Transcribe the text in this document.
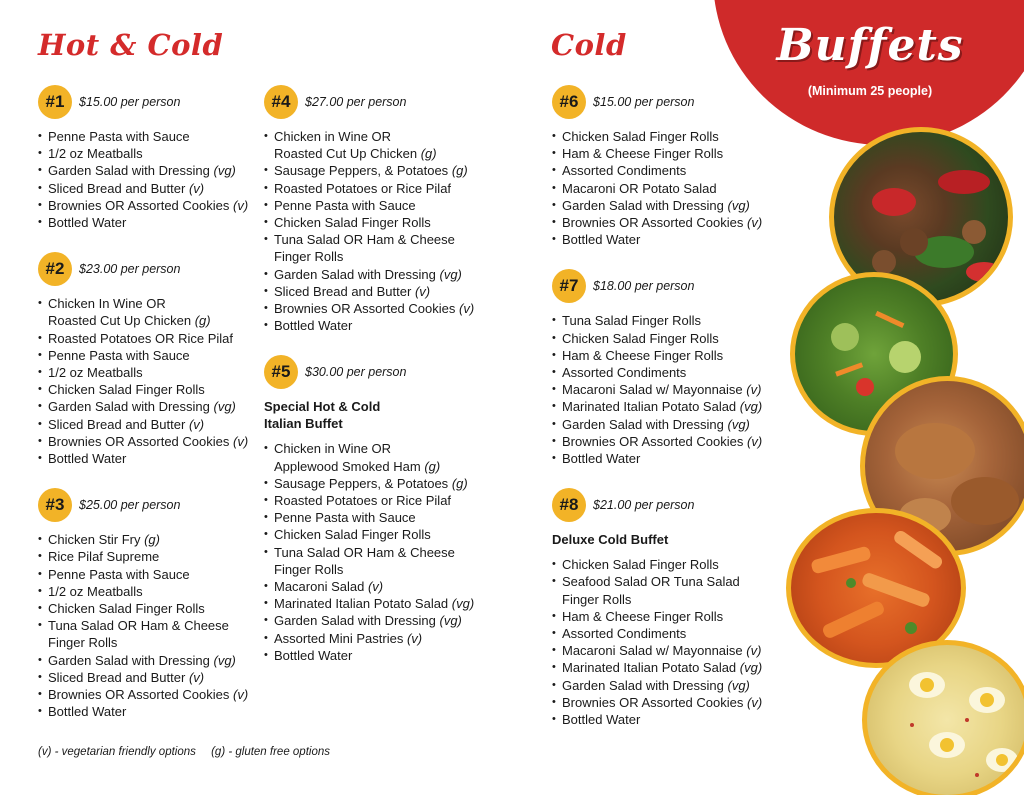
Buffets
(Minimum 25 people)
Hot & Cold	Cold
#1	$15.00 per person
• Penne Pasta with Sauce
• 1/2 oz Meatballs
• Garden Salad with Dressing (vg)
• Sliced Bread and Butter (v)
• Brownies OR Assorted Cookies (v)
• Bottled Water
#2	$23.00 per person
• Chicken In Wine OR
Roasted Cut Up Chicken (g)
• Roasted Potatoes OR Rice Pilaf
• Penne Pasta with Sauce
• 1/2 oz Meatballs
• Chicken Salad Finger Rolls
• Garden Salad with Dressing (vg)
• Sliced Bread and Butter (v)
• Brownies OR Assorted Cookies (v)
• Bottled Water
#3	$25.00 per person
• Chicken Stir Fry (g)
• Rice Pilaf Supreme
• Penne Pasta with Sauce
• 1/2 oz Meatballs
• Chicken Salad Finger Rolls
• Tuna Salad OR Ham & Cheese
Finger Rolls
• Garden Salad with Dressing (vg)
• Sliced Bread and Butter (v)
• Brownies OR Assorted Cookies (v)
• Bottled Water
#4	$27.00 per person
• Chicken in Wine OR
Roasted Cut Up Chicken (g)
• Sausage Peppers, & Potatoes (g)
• Roasted Potatoes or Rice Pilaf
• Penne Pasta with Sauce
• Chicken Salad Finger Rolls
• Tuna Salad OR Ham & Cheese
Finger Rolls
• Garden Salad with Dressing (vg)
• Sliced Bread and Butter (v)
• Brownies OR Assorted Cookies (v)
• Bottled Water
#5	$30.00 per person
Special Hot & Cold Italian Buffet
• Chicken in Wine OR
Applewood Smoked Ham (g)
• Sausage Peppers, & Potatoes (g)
• Roasted Potatoes or Rice Pilaf
• Penne Pasta with Sauce
• Chicken Salad Finger Rolls
• Tuna Salad OR Ham & Cheese
Finger Rolls
• Macaroni Salad (v)
• Marinated Italian Potato Salad (vg)
• Garden Salad with Dressing (vg)
• Assorted Mini Pastries (v)
• Bottled Water
#6	$15.00 per person
• Chicken Salad Finger Rolls
• Ham & Cheese Finger Rolls
• Assorted Condiments
• Macaroni OR Potato Salad
• Garden Salad with Dressing (vg)
• Brownies OR Assorted Cookies (v)
• Bottled Water
#7	$18.00 per person
• Tuna Salad Finger Rolls
• Chicken Salad Finger Rolls
• Ham & Cheese Finger Rolls
• Assorted Condiments
• Macaroni Salad w/ Mayonnaise (v)
• Marinated Italian Potato Salad (vg)
• Garden Salad with Dressing (vg)
• Brownies OR Assorted Cookies (v)
• Bottled Water
#8	$21.00 per person
Deluxe Cold Buffet
• Chicken Salad Finger Rolls
• Seafood Salad OR Tuna Salad
Finger Rolls
• Ham & Cheese Finger Rolls
• Assorted Condiments
• Macaroni Salad w/ Mayonnaise (v)
• Marinated Italian Potato Salad (vg)
• Garden Salad with Dressing (vg)
• Brownies OR Assorted Cookies (v)
• Bottled Water
(v) - vegetarian friendly options (g) - gluten free options
